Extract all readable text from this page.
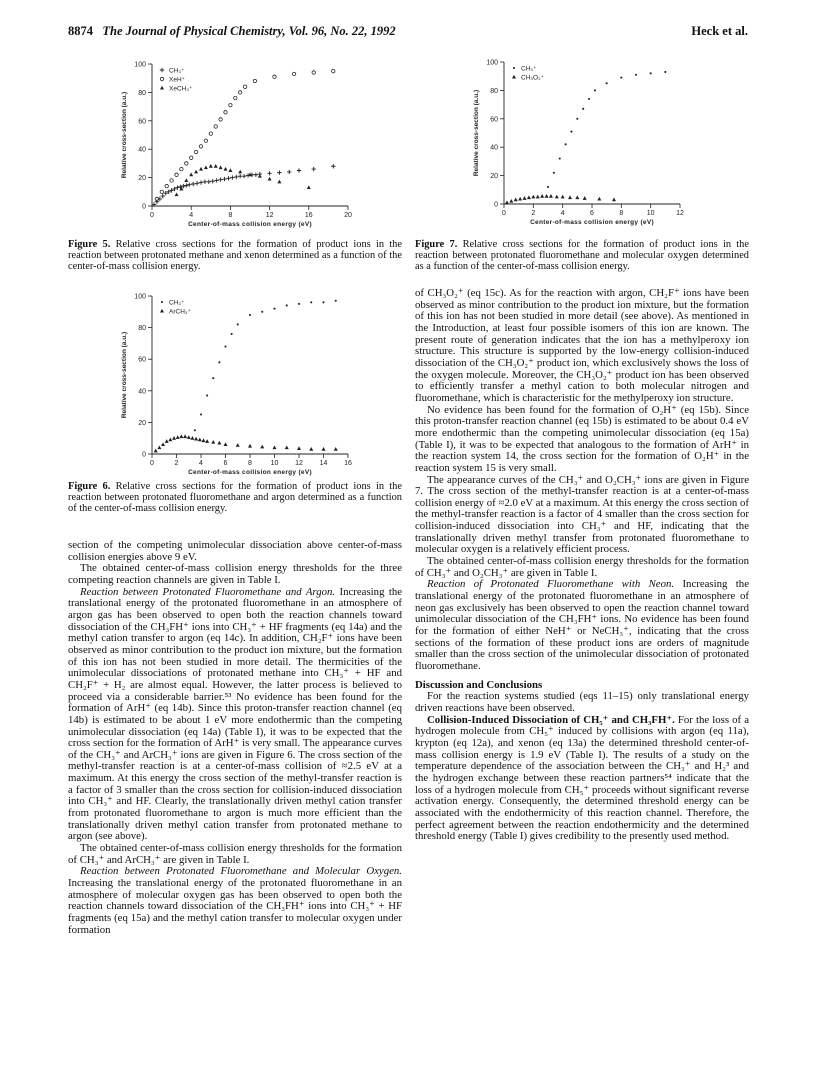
8874 The Journal of Physical Chemistry, Vol. 96, No. 22, 1992	Heck et al.
0
20
40
60
80
100
0	4	8	12	16	20
Center-of-mass collision energy (eV)
Relative cross-section (a.u.)
CH₃⁺
XeH⁺
XeCH₃⁺
Figure 5. Relative cross sections for the formation of product ions in the reaction between protonated methane and xenon determined as a function of the center-of-mass collision energy.
0
20
40
60
80
100
0	2	4	6	8	10 12 14 16
Center-of-mass collision energy (eV)
Relative cross-section (a.u.)
CH₃⁺
ArCH₃⁺
Figure 6. Relative cross sections for the formation of product ions in the reaction between protonated fluoromethane and argon determined as a function of the center-of-mass collision energy.
0
20
40
60
80
100
0	2	4	6	8	10	12
Center-of-mass collision energy (eV)
Relative cross-section (a.u.)
CH₃⁺
CH₃O₂⁺
Figure 7. Relative cross sections for the formation of product ions in the reaction between protonated fluoromethane and molecular oxygen determined as a function of the center-of-mass collision energy.

section of the competing unimolecular dissociation above center-of-mass collision energies above 9 eV.

The obtained center-of-mass collision energy thresholds for the three competing reaction channels are given in Table I.

Reaction between Protonated Fluoromethane and Argon. Increasing the translational energy of the protonated fluoromethane in an atmosphere of argon gas has been observed to open both the reaction channels toward dissociation of the CH₃FH⁺ ions into CH₃⁺ + HF fragments (eq 14a) and the methyl cation transfer to argon (eq 14c). In addition, CH₂F⁺ ions have been observed as minor contribution to the product ion mixture, but the formation of this ion has not been studied in more detail. The thermicities of the unimolecular dissociations of protonated methane into CH₃⁺ + HF and CH₂F⁺ + H₂ are almost equal. However, the latter process is believed to proceed via a considerable barrier.⁵³ No evidence has been found for the formation of ArH⁺ (eq 14b). Since this proton-transfer reaction channel (eq 14b) is estimated to be about 1 eV more endothermic than the competing unimolecular dissociation (eq 14a) (Table I), it was to be expected that the cross section for the formation of ArH⁺ is very small. The appearance curves of the CH₃⁺ and ArCH₃⁺ ions are given in Figure 6. The cross section of the methyl-transfer reaction is at a center-of-mass collision of ≈2.5 eV at a maximum. At this energy the cross section of the methyl-transfer reaction is a factor of 3 smaller than the cross section for collision-induced dissociation into CH₃⁺ and HF. Clearly, the translationally driven methyl cation transfer from protonated fluoromethane to argon is much more efficient than the translationally driven methyl cation transfer from protonated methane to argon (see above).

The obtained center-of-mass collision energy thresholds for the formation of CH₃⁺ and ArCH₃⁺ are given in Table I.

Reaction between Protonated Fluoromethane and Molecular Oxygen. Increasing the translational energy of the protonated fluoromethane in an atmosphere of molecular oxygen gas has been observed to open both the reaction channels toward dissociation of the CH₃FH⁺ ions into CH₃⁺ + HF fragments (eq 15a) and the methyl cation transfer to molecular oxygen under formation

of CH₃O₂⁺ (eq 15c). As for the reaction with argon, CH₂F⁺ ions have been observed as minor contribution to the product ion mixture, but the formation of this ion has not been studied in more detail (see above). As mentioned in the Introduction, at least four possible isomers of this ion are known. The present route of generation indicates that the ion has a methylperoxy ion structure. This structure is supported by the low-energy collision-induced dissociation of the CH₃O₂⁺ product ion, which exclusively shows the loss of the oxygen molecule. Moreover, the CH₃O₂⁺ product ion has been observed to efficiently transfer a methyl cation to both molecular nitrogen and fluoromethane, which is characteristic for the methylperoxy ion structure.

No evidence has been found for the formation of O₂H⁺ (eq 15b). Since this proton-transfer reaction channel (eq 15b) is estimated to be about 0.4 eV more endothermic than the competing unimolecular dissociation (eq 15a) (Table I), it was to be expected that analogous to the formation of ArH⁺ in the reaction system 14, the cross section for the formation of O₂H⁺ in the reaction system 15 is very small.

The appearance curves of the CH₃⁺ and O₂CH₃⁺ ions are given in Figure 7. The cross section of the methyl-transfer reaction is at a center-of-mass collision energy of ≈2.0 eV at a maximum. At this energy the cross section of the methyl-transfer reaction is a factor of 4 smaller than the cross section for collision-induced dissociation into CH₃⁺ and HF, indicating that the translationally driven methyl transfer from protonated fluoromethane to molecular oxygen is a relatively efficient process.

The obtained center-of-mass collision energy thresholds for the formation of CH₃⁺ and O₂CH₃⁺ are given in Table I.

Reaction of Protonated Fluoromethane with Neon. Increasing the translational energy of the protonated fluoromethane in an atmosphere of neon gas exclusively has been observed to open the reaction channel toward unimolecular dissociation of the CH₃FH⁺ ions. No evidence has been found for the formation of either NeH⁺ or NeCH₃⁺, indicating that the cross sections of the formation of these product ions are orders of magnitude smaller than the cross section of the unimolecular dissociation of protonated fluoromethane.

Discussion and Conclusions

For the reaction systems studied (eqs 11–15) only translational energy driven reactions have been observed.

Collision-Induced Dissociation of CH₅⁺ and CH₃FH⁺. For the loss of a hydrogen molecule from CH₅⁺ induced by collisions with argon (eq 11a), krypton (eq 12a), and xenon (eq 13a) the determined threshold center-of-mass collision energy is 1.9 eV (Table I). The results of a study on the temperature dependence of the association between the CH₃⁺ and H₂³ and the hydrogen exchange between these reaction partners⁵⁴ indicate that the loss of a hydrogen molecule from CH₅⁺ proceeds without significant reverse activation energy. Consequently, the determined threshold energy can be associated with the endothermicity of this reaction channel. Therefore, the perfect agreement between the reaction endothermicity and the determined threshold energy (Table I) gives credibility to the presently used method.
